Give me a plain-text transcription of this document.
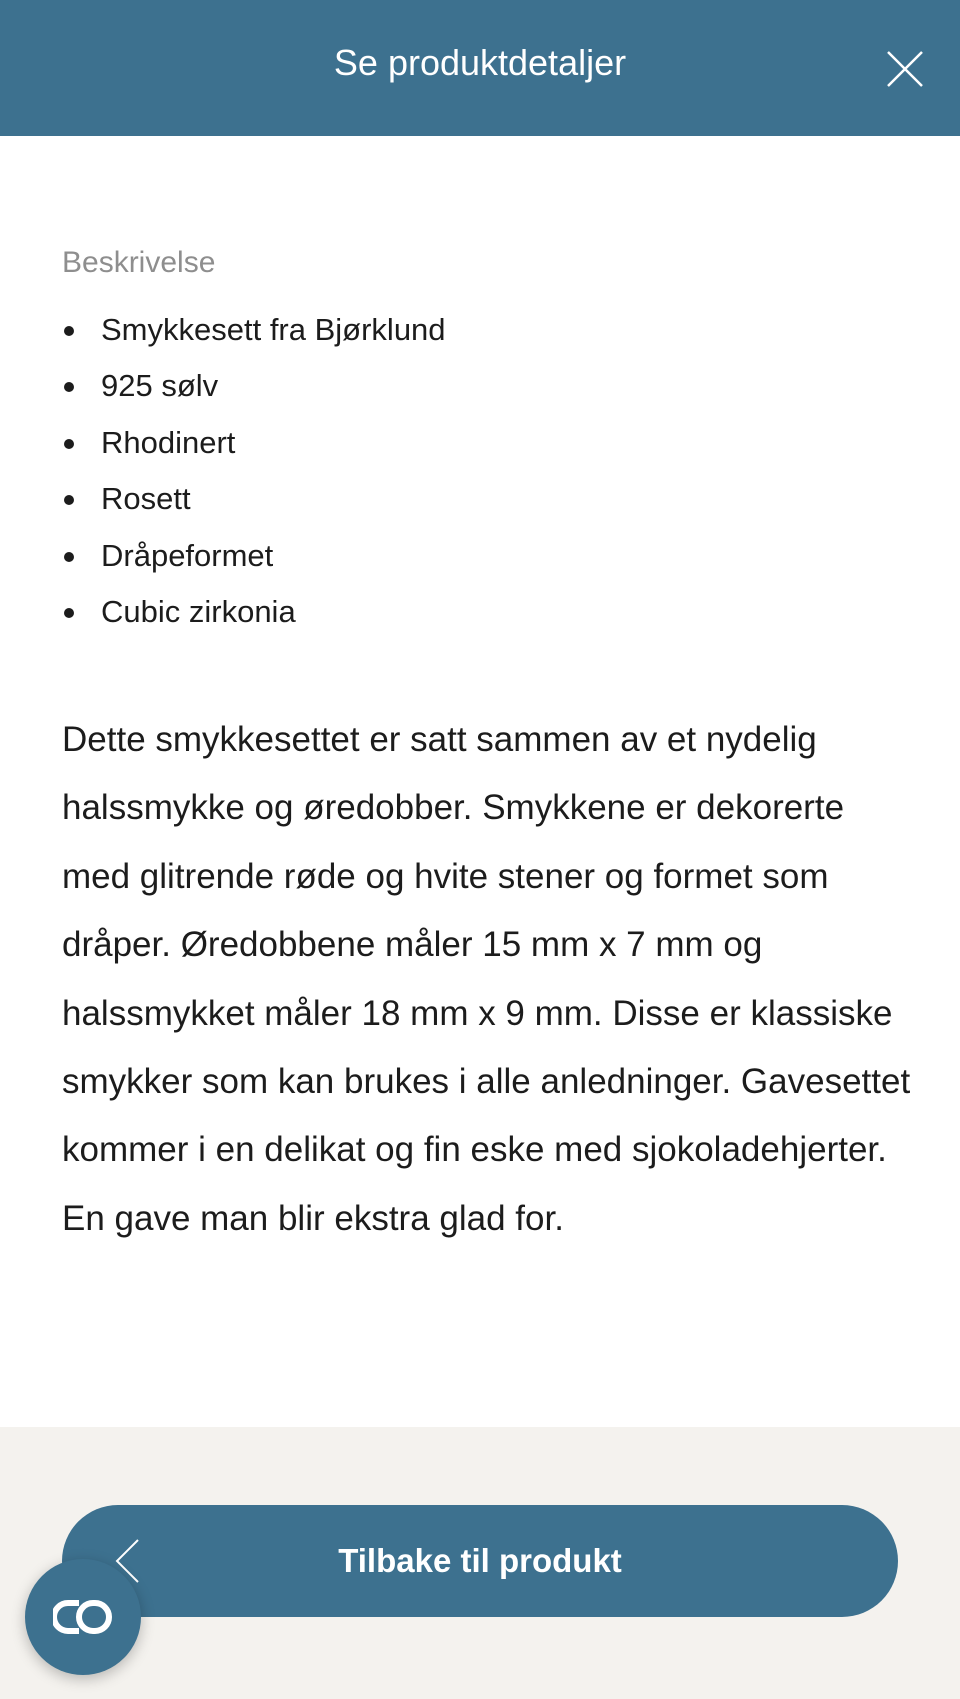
Se produktdetaljer
Beskrivelse
Smykkesett fra Bjørklund
925 sølv
Rhodinert
Rosett
Dråpeformet
Cubic zirkonia

Dette smykkesettet er satt sammen av et nydelig halssmykke og øredobber. Smykkene er dekorerte med glitrende røde og hvite stener og formet som dråper. Øredobbene måler 15 mm x 7 mm og halssmykket måler 18 mm x 9 mm. Disse er klassiske smykker som kan brukes i alle anledninger. Gavesettet kommer i en delikat og fin eske med sjokoladehjerter. En gave man blir ekstra glad for.

Tilbake til produkt
